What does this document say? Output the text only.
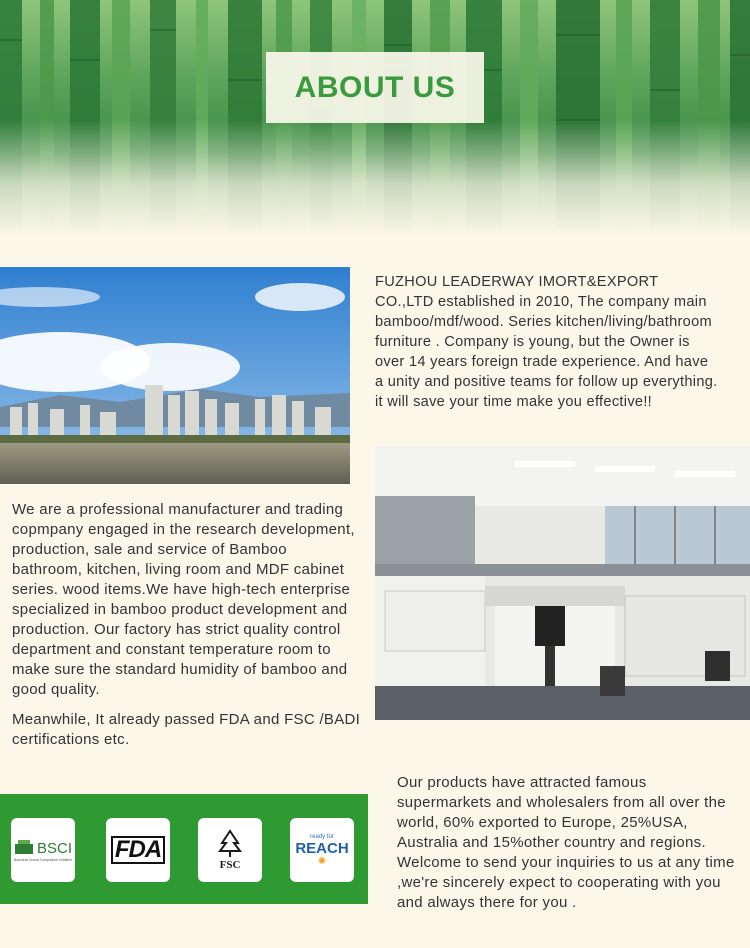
ABOUT US
FUZHOU LEADERWAY IMORT&EXPORT CO.,LTD established in 2010, The company main bamboo/mdf/wood. Series kitchen/living/bathroom furniture . Company is young, but the Owner is over 14 years foreign trade experience. And have a unity and positive teams for follow up everything. it will save your time make you effective!!
We are a professional manufacturer and trading copmpany engaged in the research development, production, sale and service of Bamboo bathroom, kitchen, living room and MDF cabinet series. wood items.We have high-tech enterprise specialized in bamboo product development and production. Our factory has strict quality control department and constant temperature room to make sure the standard humidity of bamboo and good quality.
Meanwhile, It already passed FDA and FSC /BADI certifications etc.
BSCI
Business Social Compliance Initiative FDA
FSC
ready for
REACH
✺
Our products have attracted famous supermarkets and wholesalers from all over the world, 60% exported to Europe, 25%USA, Australia and 15%other country and regions. Welcome to send your inquiries to us at any time ,we're sincerely expect to cooperating with you and always there for you .
